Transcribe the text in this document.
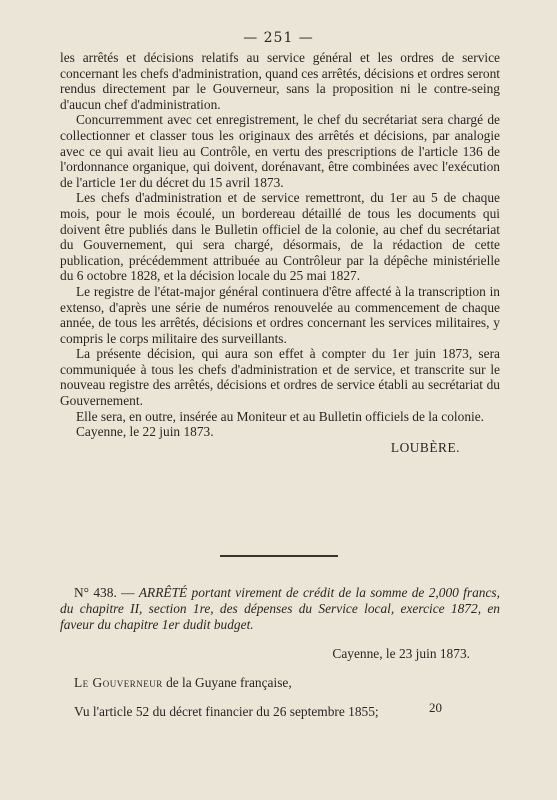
— 251 —

les arrêtés et décisions relatifs au service général et les ordres de service concernant les chefs d'administration, quand ces arrêtés, décisions et ordres seront rendus directement par le Gouverneur, sans la proposition ni le contre-seing d'aucun chef d'administration.

Concurremment avec cet enregistrement, le chef du secrétariat sera chargé de collectionner et classer tous les originaux des arrêtés et décisions, par analogie avec ce qui avait lieu au Contrôle, en vertu des prescriptions de l'article 136 de l'ordonnance organique, qui doivent, dorénavant, être combinées avec l'exécution de l'article 1er du décret du 15 avril 1873.

Les chefs d'administration et de service remettront, du 1er au 5 de chaque mois, pour le mois écoulé, un bordereau détaillé de tous les documents qui doivent être publiés dans le Bulletin officiel de la colonie, au chef du secrétariat du Gouvernement, qui sera chargé, désormais, de la rédaction de cette publication, précédemment attribuée au Contrôleur par la dépêche ministérielle du 6 octobre 1828, et la décision locale du 25 mai 1827.

Le registre de l'état-major général continuera d'être affecté à la transcription in extenso, d'après une série de numéros renouvelée au commencement de chaque année, de tous les arrêtés, décisions et ordres concernant les services militaires, y compris le corps militaire des surveillants.

La présente décision, qui aura son effet à compter du 1er juin 1873, sera communiquée à tous les chefs d'administration et de service, et transcrite sur le nouveau registre des arrêtés, décisions et ordres de service établi au secrétariat du Gouvernement.

Elle sera, en outre, insérée au Moniteur et au Bulletin officiels de la colonie.

Cayenne, le 22 juin 1873.

LOUBÈRE.

N° 438. — ARRÊTÉ portant virement de crédit de la somme de 2,000 francs, du chapitre II, section 1re, des dépenses du Service local, exercice 1872, en faveur du chapitre 1er dudit budget.

Cayenne, le 23 juin 1873.

Le Gouverneur de la Guyane française,

Vu l'article 52 du décret financier du 26 septembre 1855;	20
